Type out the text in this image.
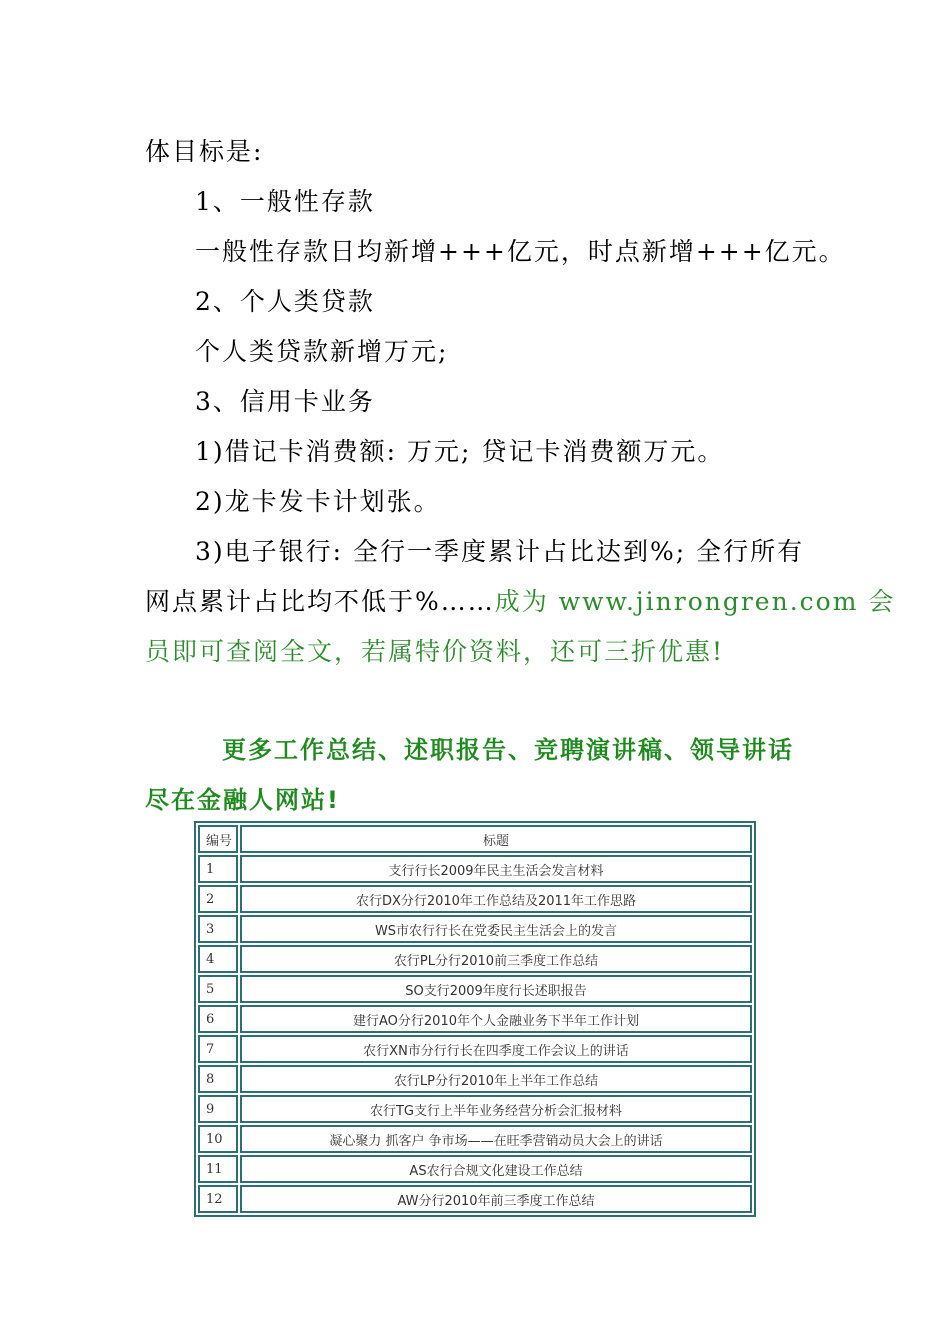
体目标是:
1、一般性存款
一般性存款日均新增+++亿元，时点新增+++亿元。
2、个人类贷款
个人类贷款新增万元;
3、信用卡业务
1)借记卡消费额: 万元; 贷记卡消费额万元。
2)龙卡发卡计划张。
3)电子银行: 全行一季度累计占比达到%; 全行所有
网点累计占比均不低于%……成为 www.jinrongren.com 会
员即可查阅全文，若属特价资料，还可三折优惠!
更多工作总结、述职报告、竞聘演讲稿、领导讲话
尽在金融人网站!
编号	标题
1	支行行长2009年民主生活会发言材料
2	农行DX分行2010年工作总结及2011年工作思路
3	WS市农行行长在党委民主生活会上的发言
4	农行PL分行2010前三季度工作总结
5	SO支行2009年度行长述职报告
6	建行AO分行2010年个人金融业务下半年工作计划
7	农行XN市分行行长在四季度工作会议上的讲话
8	农行LP分行2010年上半年工作总结
9	农行TG支行上半年业务经营分析会汇报材料
10	凝心聚力 抓客户 争市场——在旺季营销动员大会上的讲话
11	AS农行合规文化建设工作总结
12	AW分行2010年前三季度工作总结
